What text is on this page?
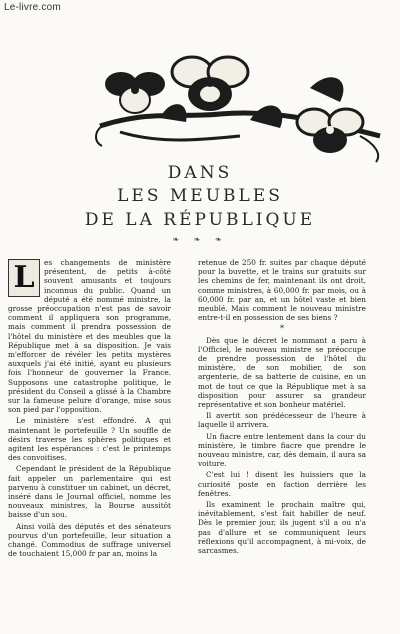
Le-livre.com
DANS
LES MEUBLES
DE LA RÉPUBLIQUE
❧ ❧ ❧

L	es changements de ministère présentent, de petits à-côté souvent amusants et toujours inconnus du public. Quand un député a été nommé ministre, la grosse préoccupation n'est pas de savoir comment il appliquera son programme, mais comment il prendra possession de l'hôtel du ministère et des meubles que la République met à sa disposition. Je vais m'efforcer de révéler les petits mystères auxquels j'ai été initié, ayant eu plusieurs fois l'honneur de gouverner la France. Supposons une catastrophe politique, le président du Conseil a glissé à la Chambre sur la fameuse pelure d'orange, mise sous son pied par l'opposition.

Le ministère s'est effondré. A qui maintenant le portefeuille ? Un souffle de désirs traverse les sphères politiques et agitent les espérances : c'est le printemps des convoitises.

Cependant le président de la République fait appeler un parlementaire qui est parvenu à constituer un cabinet, un décret, inséré dans le Journal officiel, nomme les nouveaux ministres, la Bourse aussitôt baisse d'un sou.

Ainsi voilà des députés et des sénateurs pourvus d'un portefeuille, leur situation a changé. Commodius de suffrage universel de touchaient 15,000 fr par an, moins la

retenue de 250 fr. suites par chaque député pour la buvette, et le trains sur gratuits sur les chemins de fer, maintenant ils ont droit, comme ministres, à 60,000 fr. par mois, ou à 60,000 fr. par an, et un hôtel vaste et bien meublé. Mais comment le nouveau ministre entre-t-il en possession de ses biens ?

*

Dès que le décret le nommant a paru à l'Officiel, le nouveau ministre se préoccupe de prendre possession de l'hôtel du ministère, de son mobilier, de son argenterie, de sa batterie de cuisine, en un mot de tout ce que la République met à sa disposition pour assurer sa grandeur représentative et son bonheur matériel.

Il avertit son prédécesseur de l'heure à laquelle il arrivera.

Un fiacre entre lentement dans la cour du ministère, le timbre fiacre que prendre le nouveau ministre, car, dès demain, il aura sa voiture.

C'est lui ! disent les huissiers que la curiosité poste en faction derrière les fenêtres.

Ils examinent le prochain maître qui, inévitablement, s'est fait habiller de neuf. Dès le premier jour, ils jugent s'il a ou n'a pas d'allure et se communiquent leurs réflexions qu'il accompagnent, à mi-voix, de sarcasmes.
